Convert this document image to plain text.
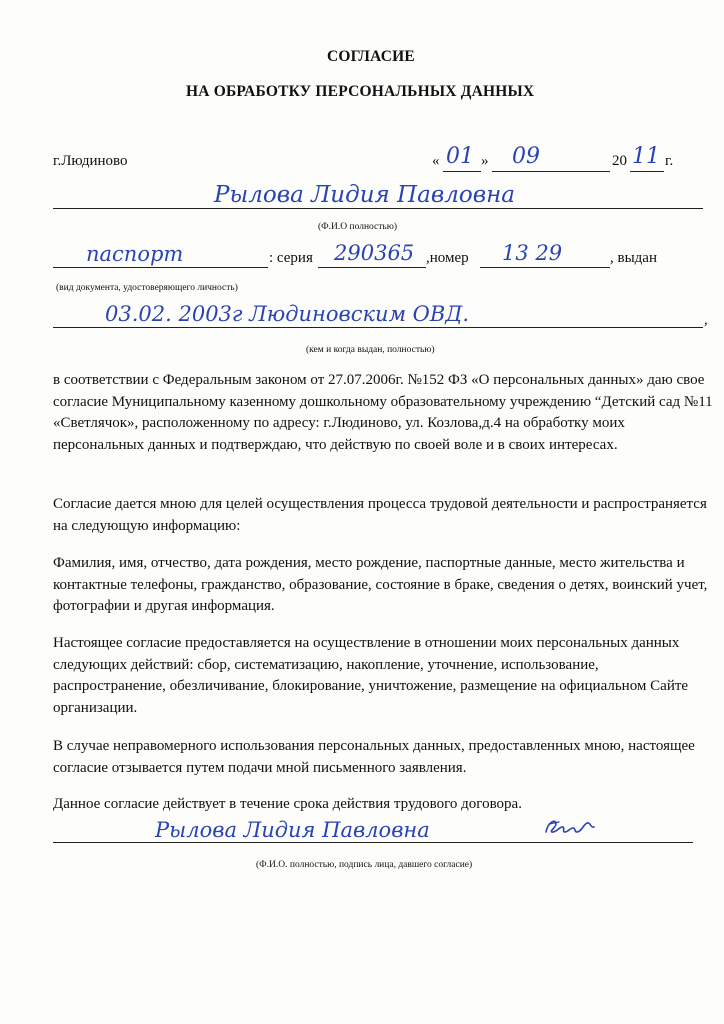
СОГЛАСИЕ
НА ОБРАБОТКУ ПЕРСОНАЛЬНЫХ ДАННЫХ
г.Людиново	« 01 » 09	20 11 г.
Рылова Лидия Павловна
(Ф.И.О полностью)
паспорт	: серия 290365 ,номер 13 29	, выдан
(вид документа, удостоверяющего личность)
03.02. 2003г Людиновским ОВД.	,
(кем и когда выдан, полностью)

в соответствии с Федеральным законом от 27.07.2006г. №152 ФЗ «О персональных данных» даю свое согласие Муниципальному казенному дошкольному образовательному учреждению “Детский сад №11 «Светлячок», расположенному по адресу: г.Людиново, ул. Козлова,д.4 на обработку моих персональных данных и подтверждаю, что действую по своей воле и в своих интересах.

Согласие дается мною для целей осуществления процесса трудовой деятельности и распространяется на следующую информацию:

Фамилия, имя, отчество, дата рождения, место рождение, паспортные данные, место жительства и контактные телефоны, гражданство, образование, состояние в браке, сведения о детях, воинский учет, фотографии и другая информация.

Настоящее согласие предоставляется на осуществление в отношении моих персональных данных следующих действий: сбор, систематизацию, накопление, уточнение, использование, распространение, обезличивание, блокирование, уничтожение, размещение на официальном Сайте организации.

В случае неправомерного использования персональных данных, предоставленных мною, настоящее согласие отзывается путем подачи мной письменного заявления.

Данное согласие действует в течение срока действия трудового договора.

Рылова Лидия Павловна
(Ф.И.О. полностью, подпись лица, давшего согласие)
